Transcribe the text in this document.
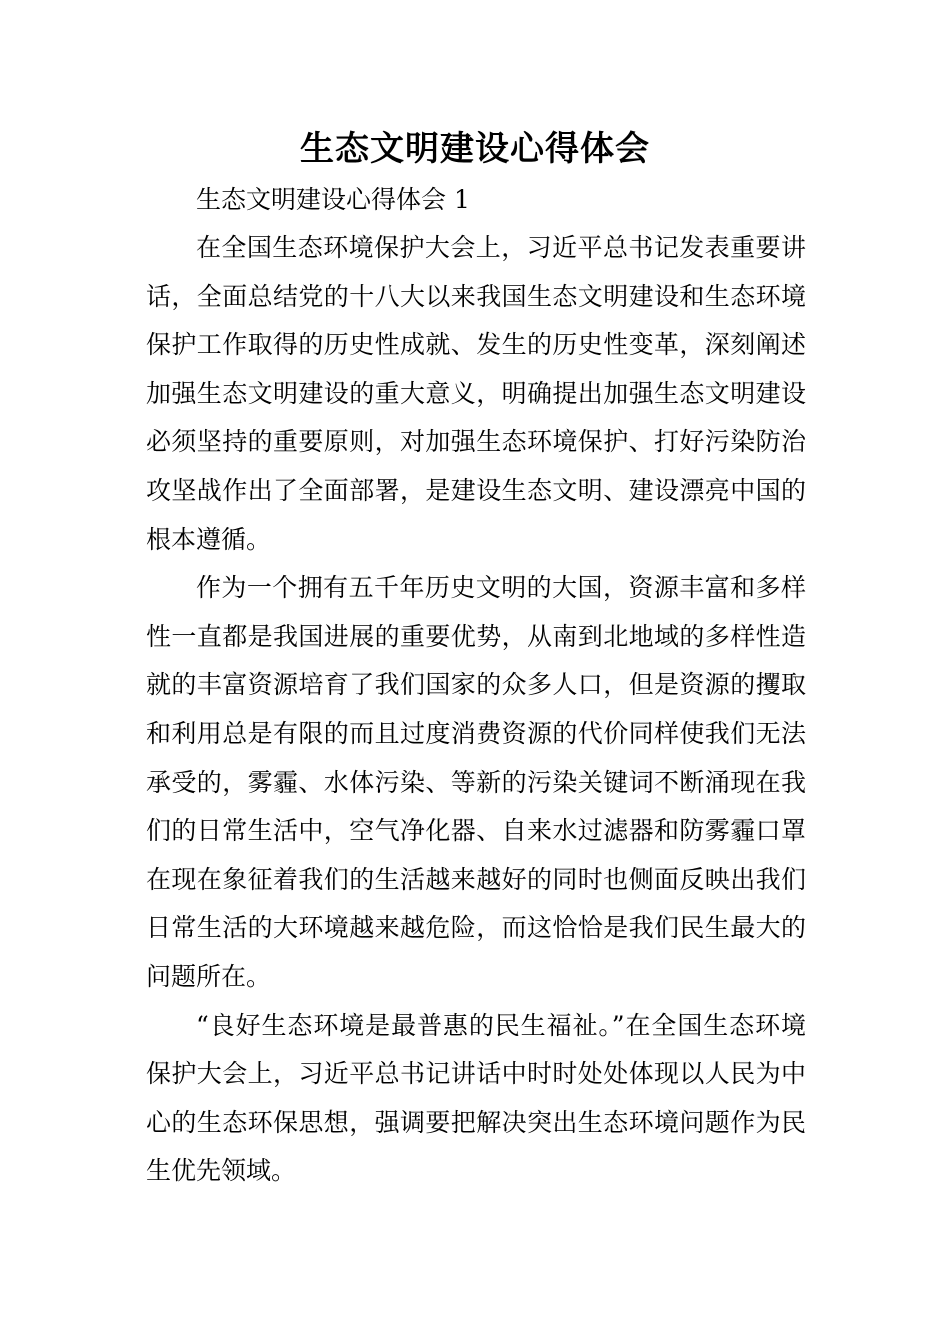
生态文明建设心得体会

生态文明建设心得体会 1

在全国生态环境保护大会上，习近平总书记发表重要讲话，全面总结党的十八大以来我国生态文明建设和生态环境保护工作取得的历史性成就、发生的历史性变革，深刻阐述加强生态文明建设的重大意义，明确提出加强生态文明建设必须坚持的重要原则，对加强生态环境保护、打好污染防治攻坚战作出了全面部署，是建设生态文明、建设漂亮中国的根本遵循。

作为一个拥有五千年历史文明的大国，资源丰富和多样性一直都是我国进展的重要优势，从南到北地域的多样性造就的丰富资源培育了我们国家的众多人口，但是资源的攫取和利用总是有限的而且过度消费资源的代价同样使我们无法承受的，雾霾、水体污染、等新的污染关键词不断涌现在我们的日常生活中，空气净化器、自来水过滤器和防雾霾口罩在现在象征着我们的生活越来越好的同时也侧面反映出我们日常生活的大环境越来越危险，而这恰恰是我们民生最大的问题所在。

“良好生态环境是最普惠的民生福祉。”在全国生态环境保护大会上，习近平总书记讲话中时时处处体现以人民为中心的生态环保思想，强调要把解决突出生态环境问题作为民生优先领域。
